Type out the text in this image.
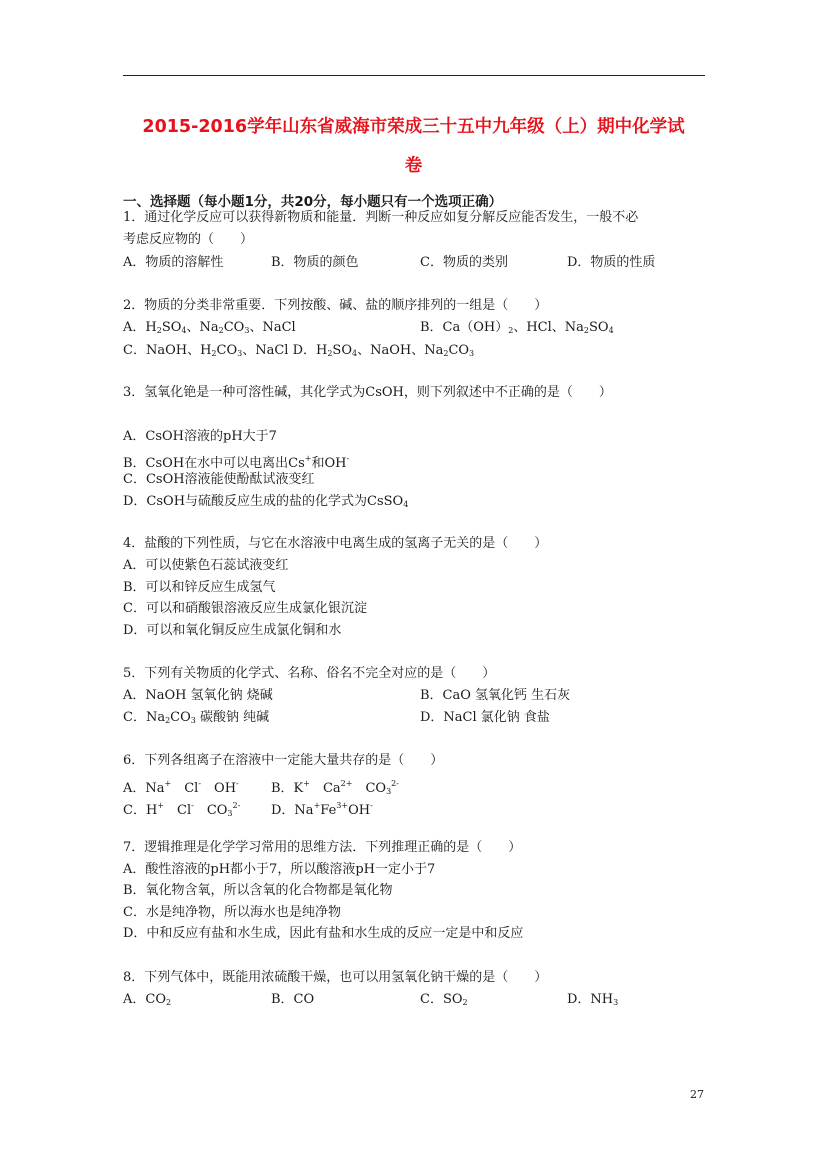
2015-2016学年山东省威海市荣成三十五中九年级（上）期中化学试
卷
一、选择题（每小题1分，共20分，每小题只有一个选项正确）
1．通过化学反应可以获得新物质和能量．判断一种反应如复分解反应能否发生，一般不必
考虑反应物的（　　）
A．物质的溶解性	B．物质的颜色	C．物质的类别	D．物质的性质
2．物质的分类非常重要．下列按酸、碱、盐的顺序排列的一组是（　　）
A．$H_2SO_4$、$Na_2CO_3$、NaCl	B．$Ca(OH)_2$、HCl、$Na_2SO_4$
C．NaOH、$H_2CO_3$、NaCl D．$H_2SO_4$、NaOH、$Na_2CO_3$
3．氢氧化铯是一种可溶性碱，其化学式为CsOH，则下列叙述中不正确的是（　　）
A．CsOH溶液的pH大于7
B．CsOH在水中可以电离出Cs+和OH-
C．CsOH溶液能使酚酞试液变红
D．CsOH与硫酸反应生成的盐的化学式为CsSO$_4$
4．盐酸的下列性质，与它在水溶液中电离生成的氢离子无关的是（　　）
A．可以使紫色石蕊试液变红
B．可以和锌反应生成氢气
C．可以和硝酸银溶液反应生成氯化银沉淀
D．可以和氧化铜反应生成氯化铜和水
5．下列有关物质的化学式、名称、俗名不完全对应的是（　　）
A．NaOH 氢氧化钠 烧碱	B．CaO 氢氧化钙 生石灰
C．$Na_2CO_3$ 碳酸钠 纯碱	D．NaCl 氯化钠 食盐
6．下列各组离子在溶液中一定能大量共存的是（　　）
A．Na+　Cl-　OH- B．K+　$Ca^{2+}$　$CO_3^{2-}$
C．H+　Cl-　$CO_3^{2-}$ D．$Na^+Fe^{3+}OH^-$
7．逻辑推理是化学学习常用的思维方法．下列推理正确的是（　　）
A．酸性溶液的pH都小于7，所以酸溶液pH一定小于7
B．氧化物含氧，所以含氧的化合物都是氧化物
C．水是纯净物，所以海水也是纯净物
D．中和反应有盐和水生成，因此有盐和水生成的反应一定是中和反应
8．下列气体中，既能用浓硫酸干燥，也可以用氢氧化钠干燥的是（　　）
A．$CO_2$	B．CO	C．$SO_2$	D．$NH_3$
27
